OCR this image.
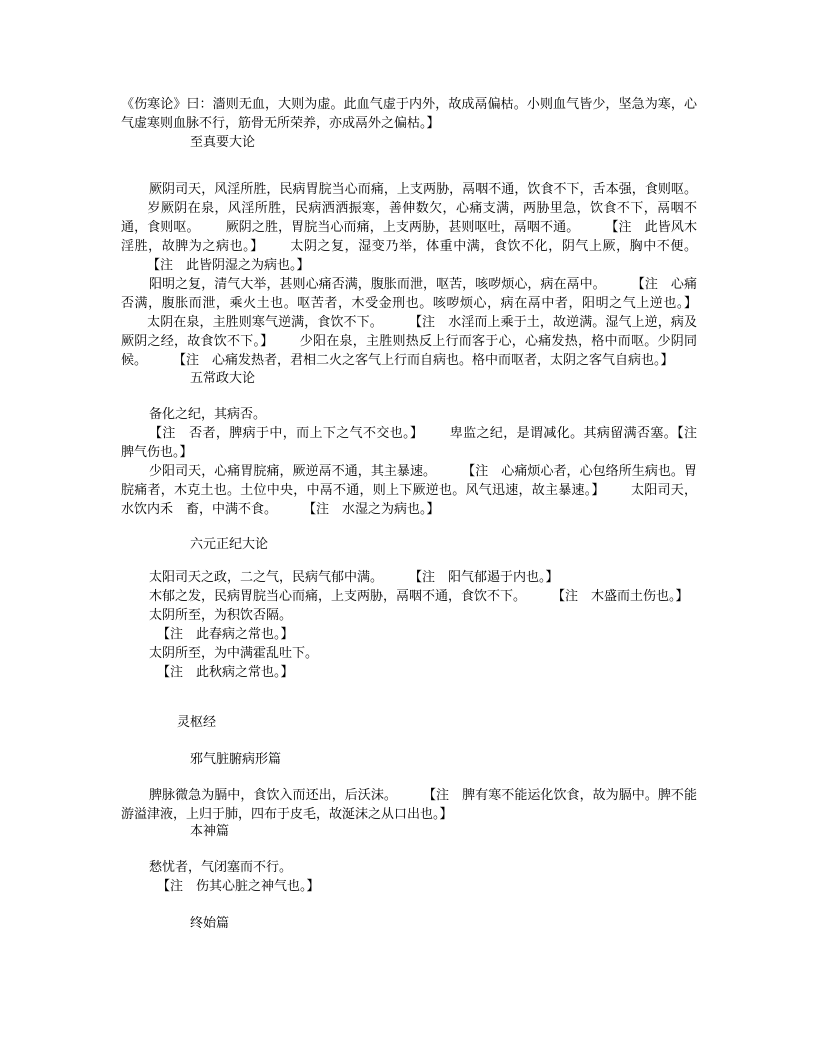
《伤寒论》曰：濇则无血，大则为虚。此血气虚于内外，故成鬲偏枯。小则血气皆少，坚急为寒，心气虚寒则血脉不行，筋骨无所荣养，亦成鬲外之偏枯。】

至真要大论

厥阴司天，风淫所胜，民病胃脘当心而痛，上支两胁，鬲咽不通，饮食不下，舌本强，食则呕。岁厥阴在泉，风淫所胜，民病洒洒振寒，善伸数欠，心痛支满，两胁里急，饮食不下，鬲咽不通，食则呕。 厥阴之胜，胃脘当心而痛，上支两胁，甚则呕吐，鬲咽不通。 【注　此皆风木淫胜，故脾为之病也。】 太阴之复，湿变乃举，体重中满，食饮不化，阴气上厥，胸中不便。【注　此皆阴湿之为病也。】

阳明之复，清气大举，甚则心痛否满，腹胀而泄，呕苦，咳哕烦心，病在鬲中。 【注　心痛否满，腹胀而泄，乘火土也。呕苦者，木受金刑也。咳哕烦心，病在鬲中者，阳明之气上逆也。】太阴在泉，主胜则寒气逆满，食饮不下。 【注　水淫而上乘于土，故逆满。湿气上逆，病及厥阴之经，故食饮不下。】 少阳在泉，主胜则热反上行而客于心，心痛发热，格中而呕。少阴同候。 【注　心痛发热者，君相二火之客气上行而自病也。格中而呕者，太阴之客气自病也。】

五常政大论

备化之纪，其病否。

【注　否者，脾病于中，而上下之气不交也。】 卑监之纪，是谓减化。其病留满否塞。【注　脾气伤也。】

少阳司天，心痛胃脘痛，厥逆鬲不通，其主暴速。 【注　心痛烦心者，心包络所生病也。胃脘痛者，木克土也。土位中央，中鬲不通，则上下厥逆也。风气迅速，故主暴速。】 太阳司天，水饮内禾　畜，中满不食。 【注　水湿之为病也。】

六元正纪大论

太阳司天之政，二之气，民病气郁中满。 【注　阳气郁遏于内也。】

木郁之发，民病胃脘当心而痛，上支两胁，鬲咽不通，食饮不下。 【注　木盛而土伤也。】

太阴所至，为积饮否隔。

【注　此春病之常也。】

太阴所至，为中满霍乱吐下。

【注　此秋病之常也。】

灵枢经
邪气脏腑病形篇

脾脉微急为膈中，食饮入而还出，后沃沫。 【注　脾有寒不能运化饮食，故为膈中。脾不能游溢津液，上归于肺，四布于皮毛，故涎沫之从口出也。】

本神篇

愁忧者，气闭塞而不行。

【注　伤其心脏之神气也。】

终始篇
